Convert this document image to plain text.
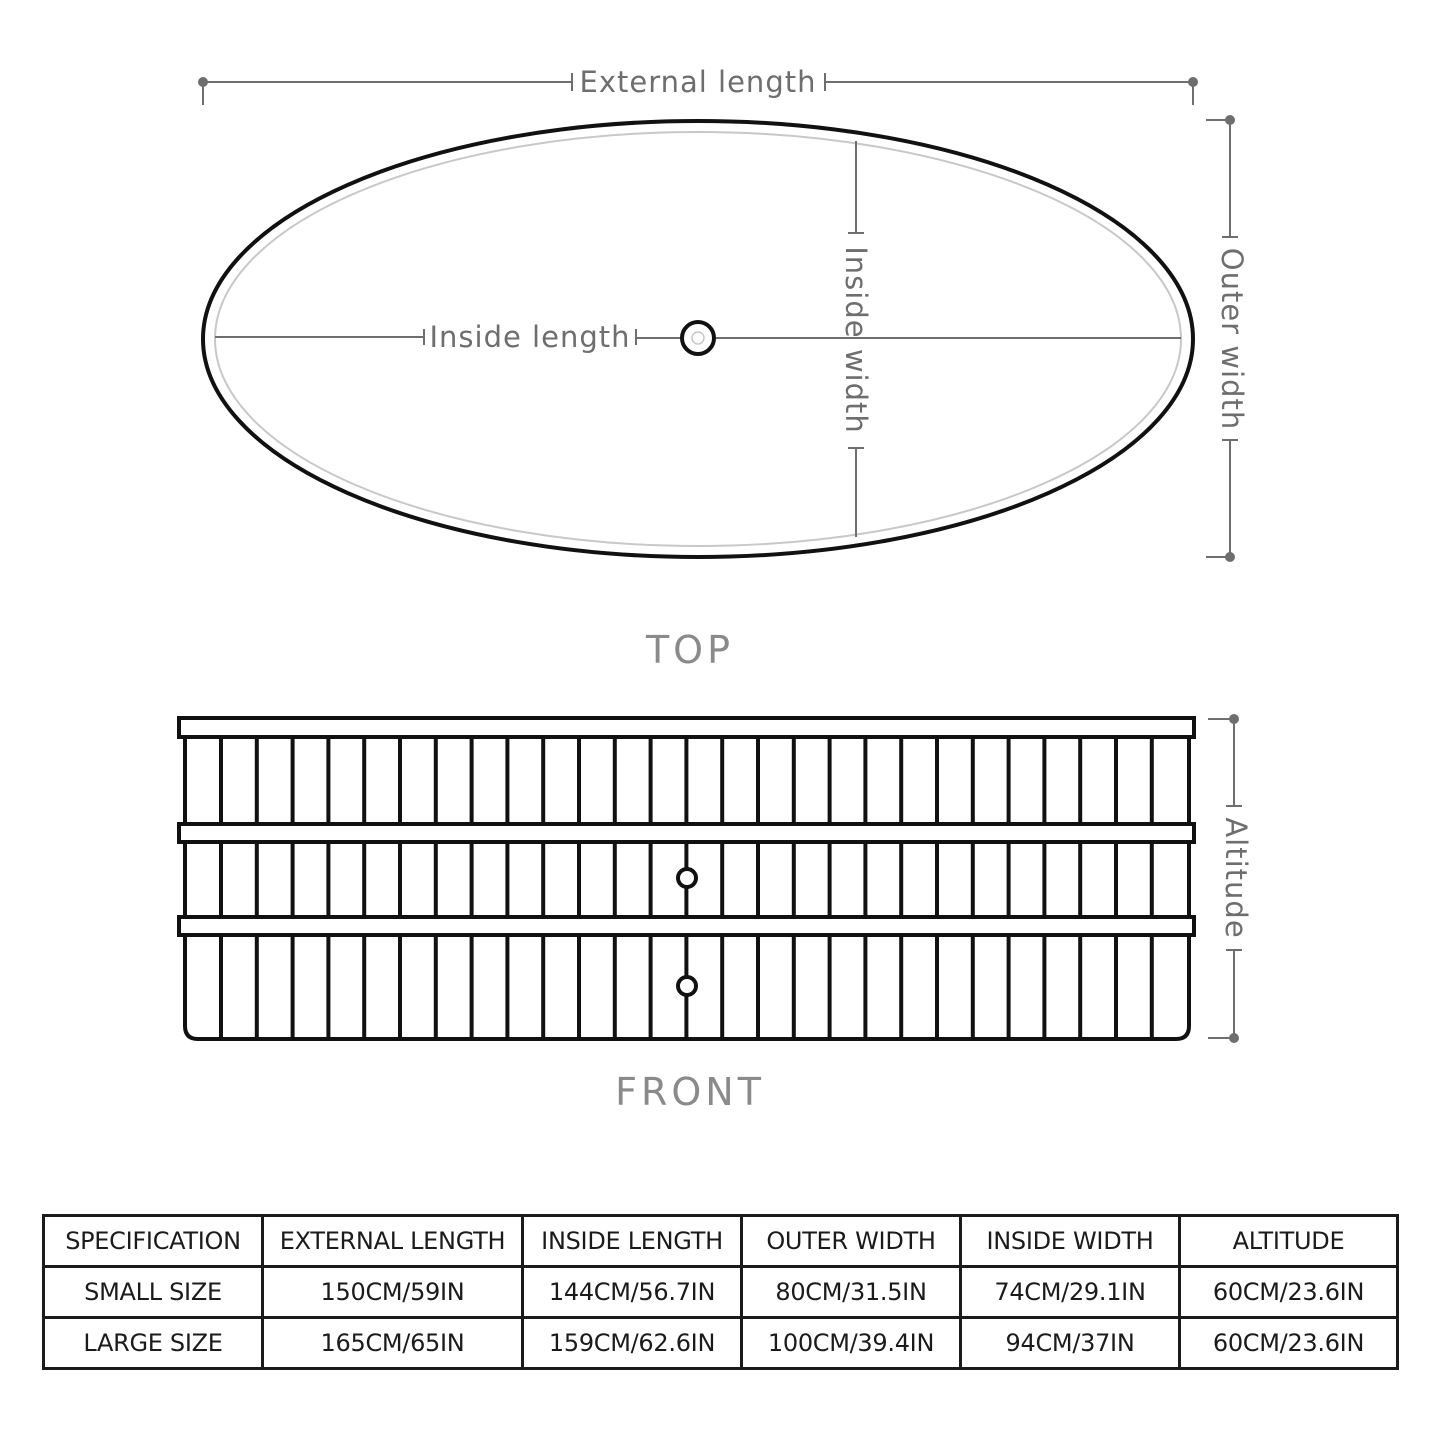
External length
Inside length	Inside width	Outer width
TOP
Altitude
FRONT
SPECIFICATION	EXTERNAL LENGTH	INSIDE LENGTH	OUTER WIDTH	INSIDE WIDTH	ALTITUDE
SMALL SIZE	150CM/59IN	144CM/56.7IN	80CM/31.5IN	74CM/29.1IN	60CM/23.6IN
LARGE SIZE	165CM/65IN	159CM/62.6IN	100CM/39.4IN	94CM/37IN	60CM/23.6IN
